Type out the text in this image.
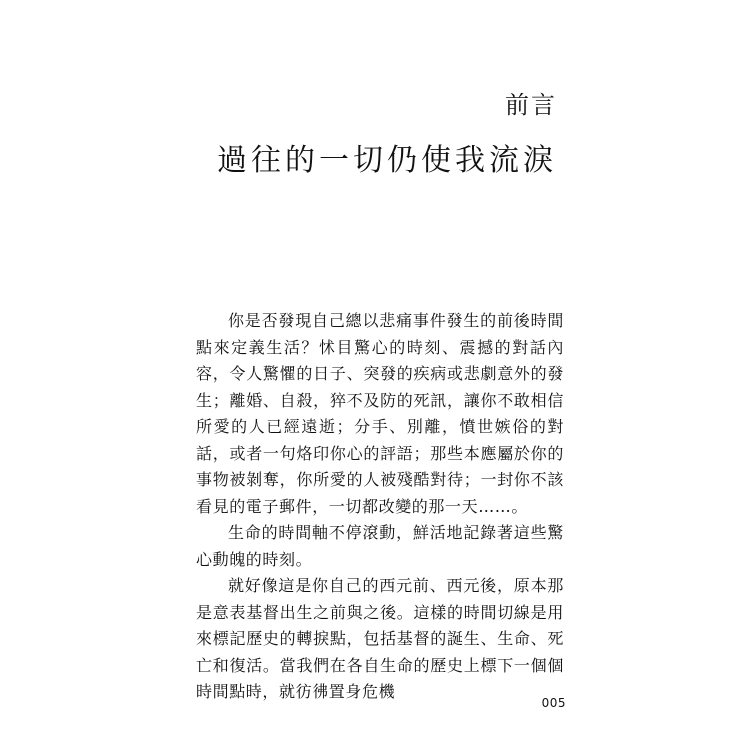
前言
過往的一切仍使我流淚

你是否發現自己總以悲痛事件發生的前後時間點來定義生活？怵目驚心的時刻、震撼的對話內容，令人驚懼的日子、突發的疾病或悲劇意外的發生；離婚、自殺，猝不及防的死訊，讓你不敢相信所愛的人已經遠逝；分手、別離，憤世嫉俗的對話，或者一句烙印你心的評語；那些本應屬於你的事物被剝奪，你所愛的人被殘酷對待；一封你不該看見的電子郵件，一切都改變的那一天……。

生命的時間軸不停滾動，鮮活地記錄著這些驚心動魄的時刻。

就好像這是你自己的西元前、西元後，原本那是意表基督出生之前與之後。這樣的時間切線是用來標記歷史的轉捩點，包括基督的誕生、生命、死亡和復活。當我們在各自生命的歷史上標下一個個時間點時，就彷彿置身危機

005
